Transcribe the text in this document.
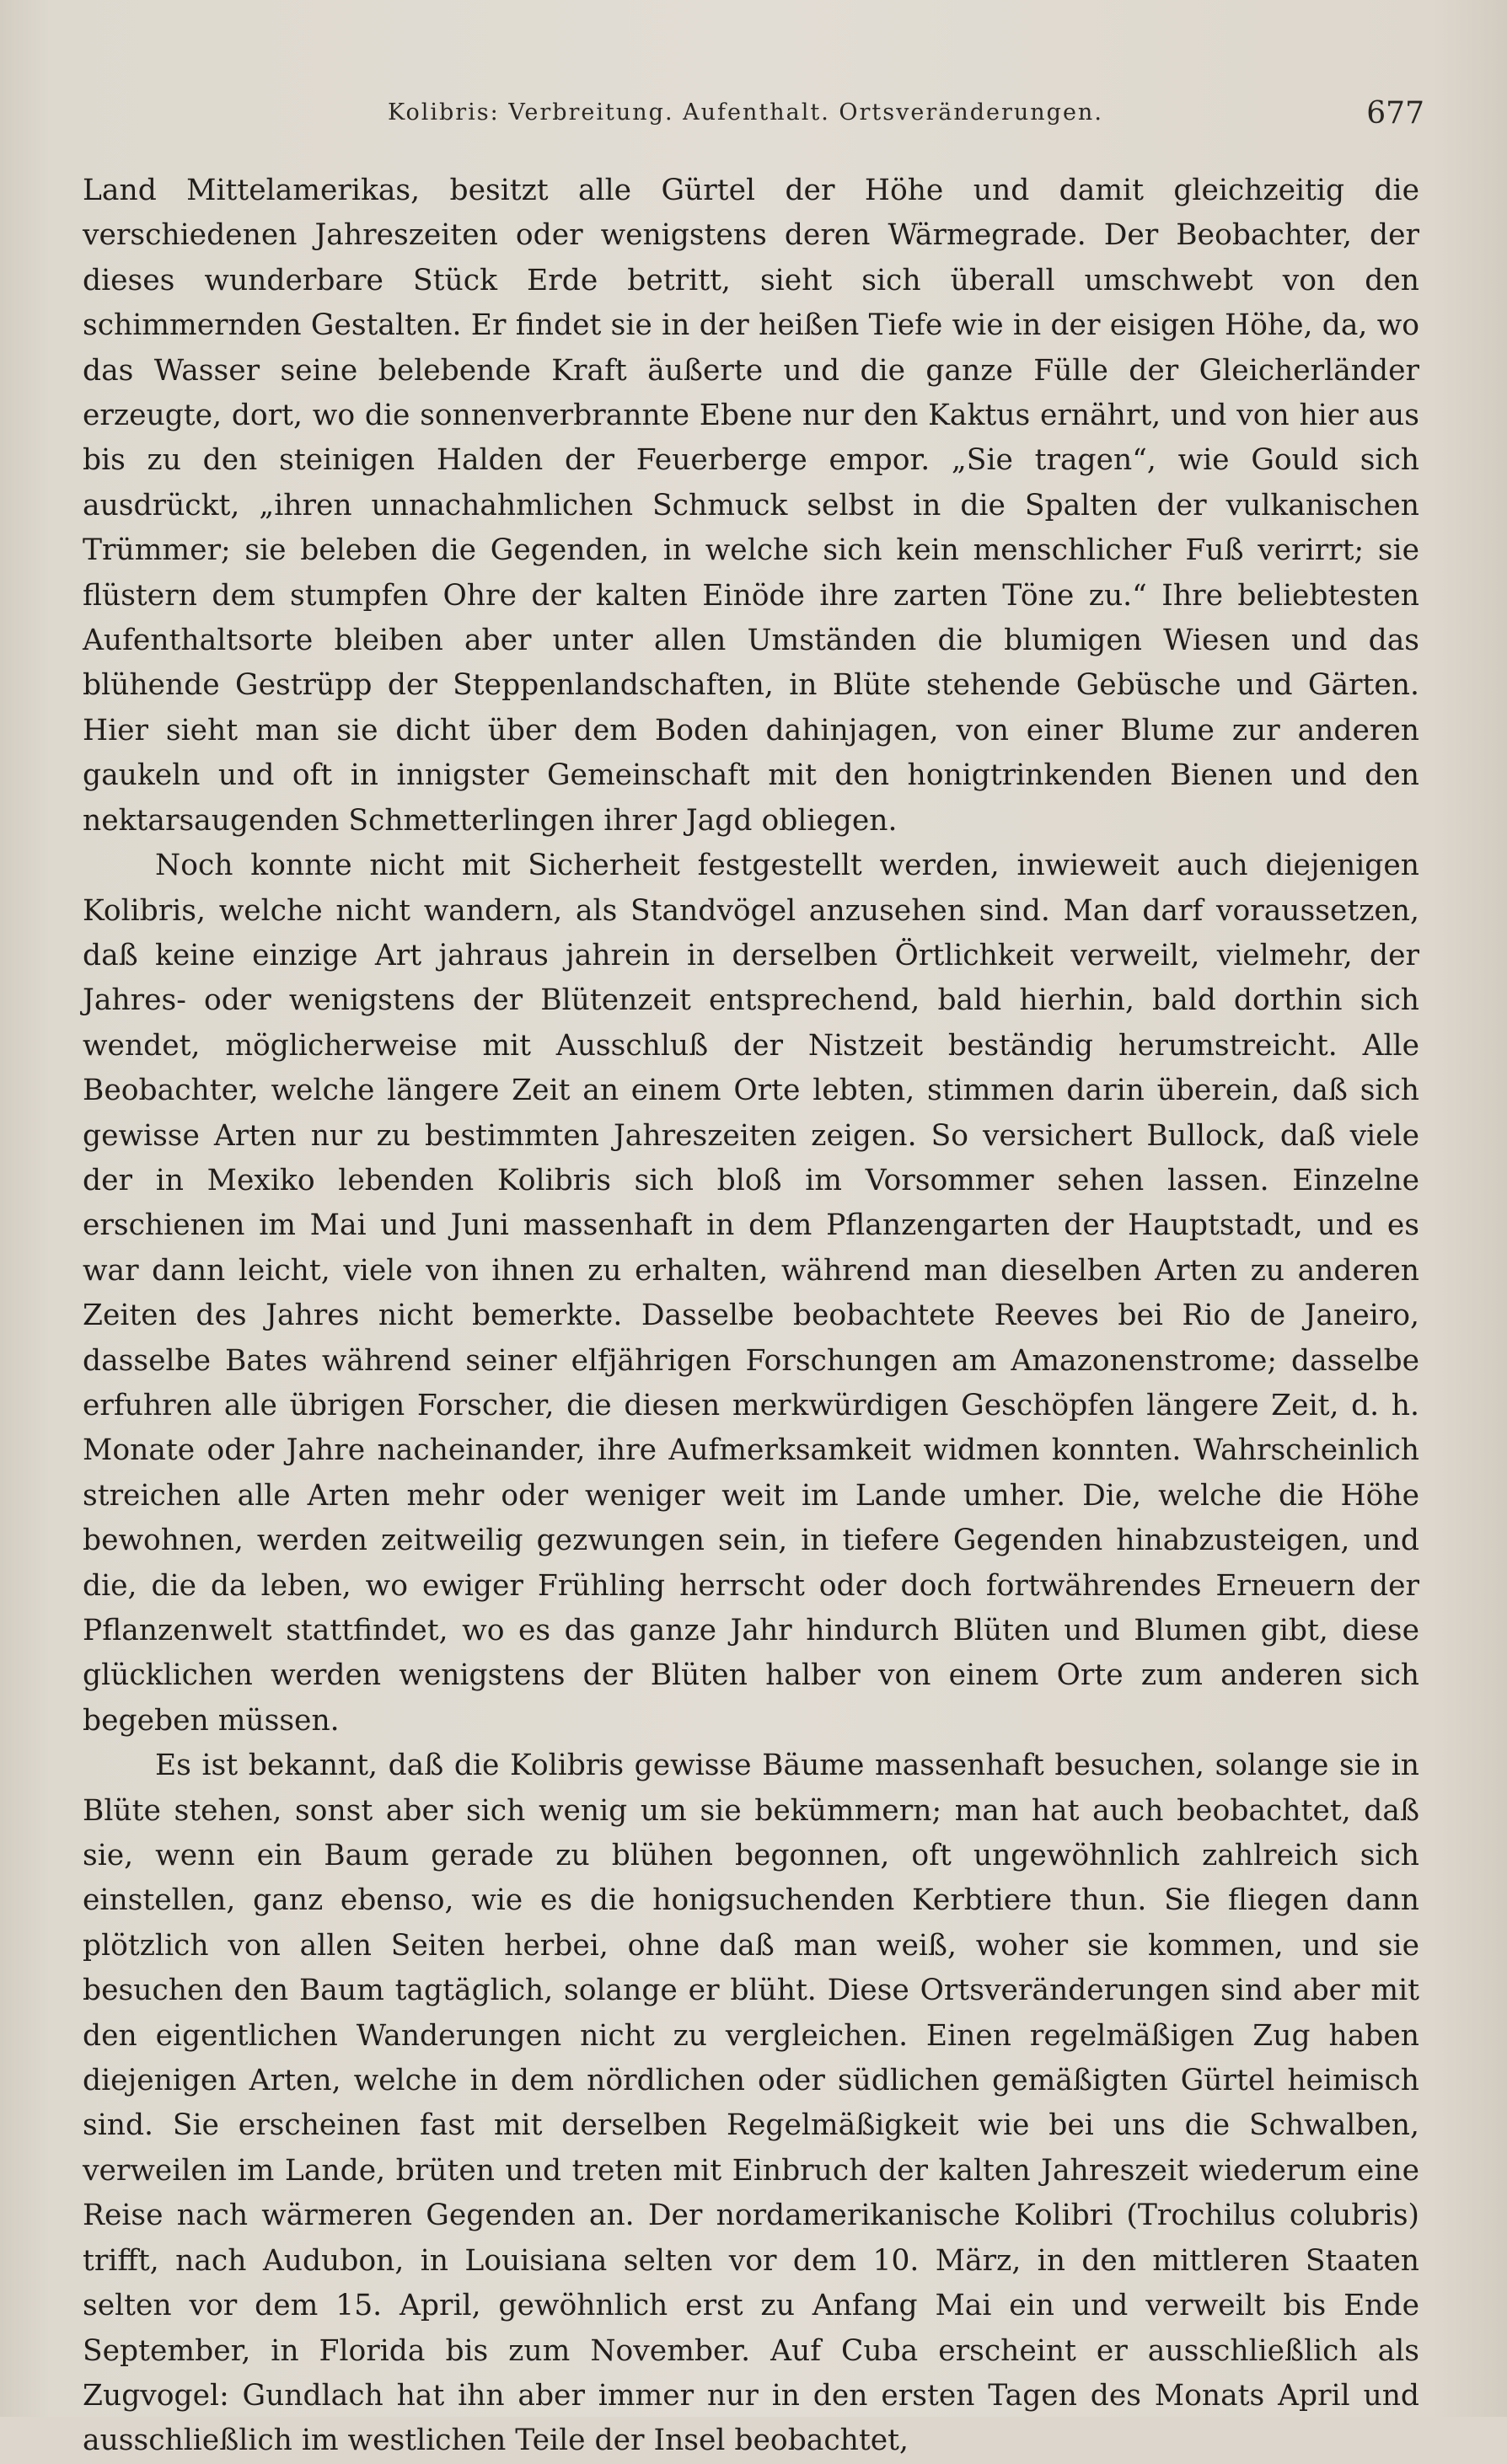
Kolibris: Verbreitung. Aufenthalt. Ortsveränderungen.	677

Land Mittelamerikas, besitzt alle Gürtel der Höhe und damit gleichzeitig die verschiedenen Jahreszeiten oder wenigstens deren Wärmegrade. Der Beobachter, der dieses wunderbare Stück Erde betritt, sieht sich überall umschwebt von den schimmernden Gestalten. Er findet sie in der heißen Tiefe wie in der eisigen Höhe, da, wo das Wasser seine belebende Kraft äußerte und die ganze Fülle der Gleicherländer erzeugte, dort, wo die sonnenverbrannte Ebene nur den Kaktus ernährt, und von hier aus bis zu den steinigen Halden der Feuerberge empor. „Sie tragen“, wie Gould sich ausdrückt, „ihren unnachahmlichen Schmuck selbst in die Spalten der vulkanischen Trümmer; sie beleben die Gegenden, in welche sich kein menschlicher Fuß verirrt; sie flüstern dem stumpfen Ohre der kalten Einöde ihre zarten Töne zu.“ Ihre beliebtesten Aufenthaltsorte bleiben aber unter allen Umständen die blumigen Wiesen und das blühende Gestrüpp der Steppenlandschaften, in Blüte stehende Gebüsche und Gärten. Hier sieht man sie dicht über dem Boden dahinjagen, von einer Blume zur anderen gaukeln und oft in innigster Gemeinschaft mit den honigtrinkenden Bienen und den nektarsaugenden Schmetterlingen ihrer Jagd obliegen.

Noch konnte nicht mit Sicherheit festgestellt werden, inwieweit auch diejenigen Kolibris, welche nicht wandern, als Standvögel anzusehen sind. Man darf voraussetzen, daß keine einzige Art jahraus jahrein in derselben Örtlichkeit verweilt, vielmehr, der Jahres- oder wenigstens der Blütenzeit entsprechend, bald hierhin, bald dorthin sich wendet, möglicherweise mit Ausschluß der Nistzeit beständig herumstreicht. Alle Beobachter, welche längere Zeit an einem Orte lebten, stimmen darin überein, daß sich gewisse Arten nur zu bestimmten Jahreszeiten zeigen. So versichert Bullock, daß viele der in Mexiko lebenden Kolibris sich bloß im Vorsommer sehen lassen. Einzelne erschienen im Mai und Juni massenhaft in dem Pflanzengarten der Hauptstadt, und es war dann leicht, viele von ihnen zu erhalten, während man dieselben Arten zu anderen Zeiten des Jahres nicht bemerkte. Dasselbe beobachtete Reeves bei Rio de Janeiro, dasselbe Bates während seiner elfjährigen Forschungen am Amazonenstrome; dasselbe erfuhren alle übrigen Forscher, die diesen merkwürdigen Geschöpfen längere Zeit, d. h. Monate oder Jahre nacheinander, ihre Aufmerksamkeit widmen konnten. Wahrscheinlich streichen alle Arten mehr oder weniger weit im Lande umher. Die, welche die Höhe bewohnen, werden zeitweilig gezwungen sein, in tiefere Gegenden hinabzusteigen, und die, die da leben, wo ewiger Frühling herrscht oder doch fortwährendes Erneuern der Pflanzenwelt stattfindet, wo es das ganze Jahr hindurch Blüten und Blumen gibt, diese glücklichen werden wenigstens der Blüten halber von einem Orte zum anderen sich begeben müssen.

Es ist bekannt, daß die Kolibris gewisse Bäume massenhaft besuchen, solange sie in Blüte stehen, sonst aber sich wenig um sie bekümmern; man hat auch beobachtet, daß sie, wenn ein Baum gerade zu blühen begonnen, oft ungewöhnlich zahlreich sich einstellen, ganz ebenso, wie es die honigsuchenden Kerbtiere thun. Sie fliegen dann plötzlich von allen Seiten herbei, ohne daß man weiß, woher sie kommen, und sie besuchen den Baum tagtäglich, solange er blüht. Diese Ortsveränderungen sind aber mit den eigentlichen Wanderungen nicht zu vergleichen. Einen regelmäßigen Zug haben diejenigen Arten, welche in dem nördlichen oder südlichen gemäßigten Gürtel heimisch sind. Sie erscheinen fast mit derselben Regelmäßigkeit wie bei uns die Schwalben, verweilen im Lande, brüten und treten mit Einbruch der kalten Jahreszeit wiederum eine Reise nach wärmeren Gegenden an. Der nordamerikanische Kolibri (Trochilus colubris) trifft, nach Audubon, in Louisiana selten vor dem 10. März, in den mittleren Staaten selten vor dem 15. April, gewöhnlich erst zu Anfang Mai ein und verweilt bis Ende September, in Florida bis zum November. Auf Cuba erscheint er ausschließlich als Zugvogel: Gundlach hat ihn aber immer nur in den ersten Tagen des Monats April und ausschließlich im westlichen Teile der Insel beobachtet,
